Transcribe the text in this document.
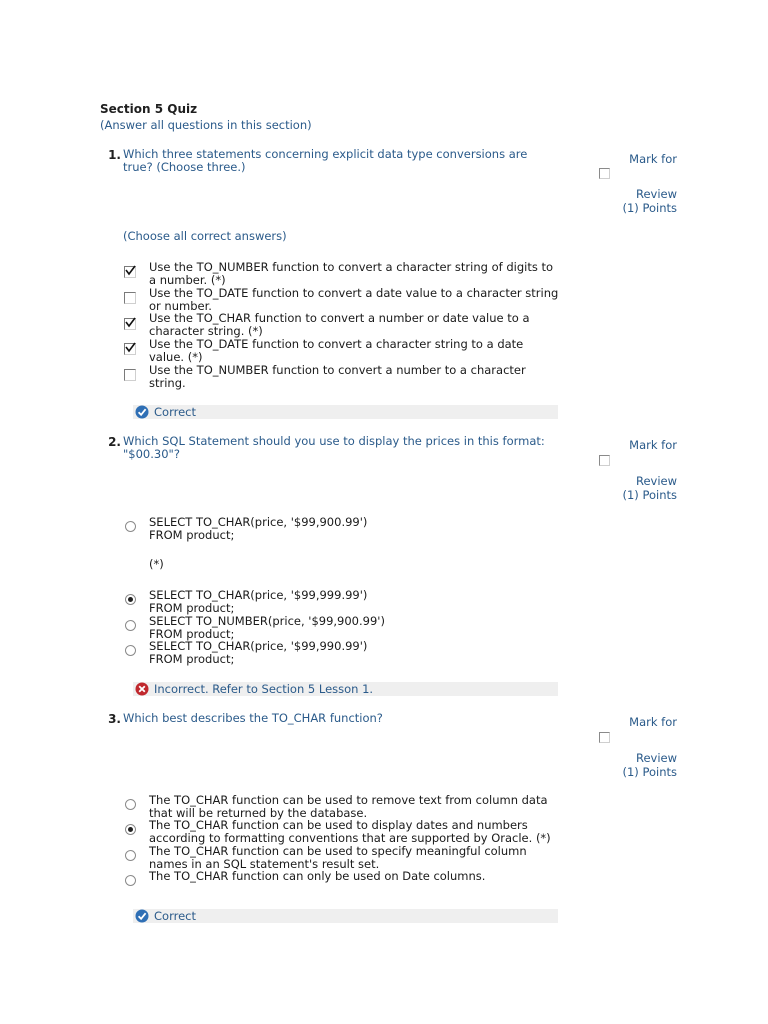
Section 5 Quiz
(Answer all questions in this section)
1. Which three statements concerning explicit data type conversions are true? (Choose three.)
Mark for
Review
(1) Points
(Choose all correct answers)
Use the TO_NUMBER function to convert a character string of digits to a number. (*)
Use the TO_DATE function to convert a date value to a character string or number.
Use the TO_CHAR function to convert a number or date value to a character string. (*)
Use the TO_DATE function to convert a character string to a date value. (*)
Use the TO_NUMBER function to convert a number to a character string.
Correct
2. Which SQL Statement should you use to display the prices in this format: "$00.30"?
Mark for
Review
(1) Points
SELECT TO_CHAR(price, '$99,900.99')
FROM product;
(*)
SELECT TO_CHAR(price, '$99,999.99')
FROM product;
SELECT TO_NUMBER(price, '$99,900.99')
FROM product;
SELECT TO_CHAR(price, '$99,990.99')
FROM product;
Incorrect. Refer to Section 5 Lesson 1.
3. Which best describes the TO_CHAR function?	Mark for
Review
(1) Points
The TO_CHAR function can be used to remove text from column data that will be returned by the database.
The TO_CHAR function can be used to display dates and numbers according to formatting conventions that are supported by Oracle. (*)
The TO_CHAR function can be used to specify meaningful column names in an SQL statement's result set.
The TO_CHAR function can only be used on Date columns.
Correct
